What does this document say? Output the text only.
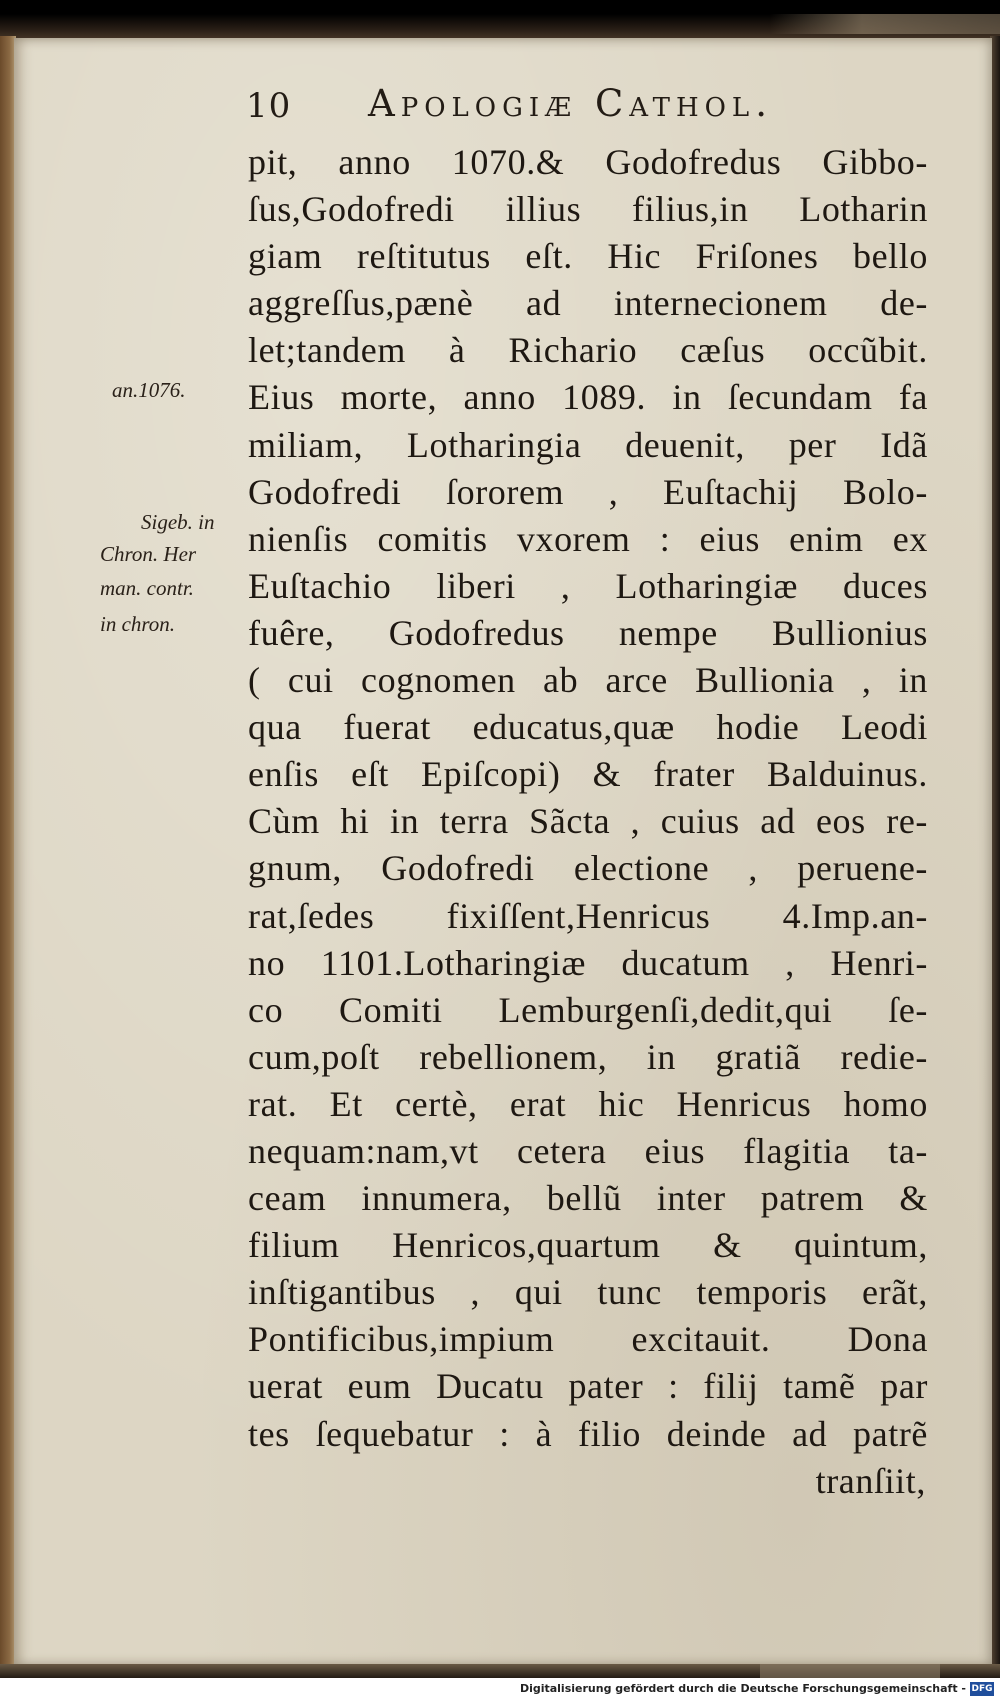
10 Apologiæ Cathol.
pit, anno 1070.& Godofredus Gibbo-
ſus,Godofredi illius filius,in Lotharin
giam reſtitutus eſt. Hic Friſones bello
aggreſſus,pænè ad internecionem de-
let;tandem à Richario cæſus occũbit.
Eius morte, anno 1089. in ſecundam fa
miliam, Lotharingia deuenit, per Idã
Godofredi ſororem , Euſtachij Bolo-
nienſis comitis vxorem : eius enim ex
Euſtachio liberi , Lotharingiæ duces
fuêre, Godofredus nempe Bullionius
( cui cognomen ab arce Bullionia , in
qua fuerat educatus,quæ hodie Leodi
enſis eſt Epiſcopi) & frater Balduinus.
Cùm hi in terra Sãcta , cuius ad eos re-
gnum, Godofredi electione , peruene-
rat,ſedes fixiſſent,Henricus 4.Imp.an-
no 1101.Lotharingiæ ducatum , Henri-
co Comiti Lemburgenſi,dedit,qui ſe-
cum,poſt rebellionem, in gratiã redie-
rat. Et certè, erat hic Henricus homo
nequam:nam,vt cetera eius flagitia ta-
ceam innumera, bellũ inter patrem &
filium Henricos,quartum & quintum,
inſtigantibus , qui tunc temporis erãt,
Pontificibus,impium excitauit. Dona
uerat eum Ducatu pater : filij tamẽ par
tes ſequebatur : à filio deinde ad patrẽ
tranſiit,
an.1076.
Sigeb. in
Chron. Her
man. contr.
in chron.
Digitalisierung gefördert durch die Deutsche Forschungsgemeinschaft - DFG
